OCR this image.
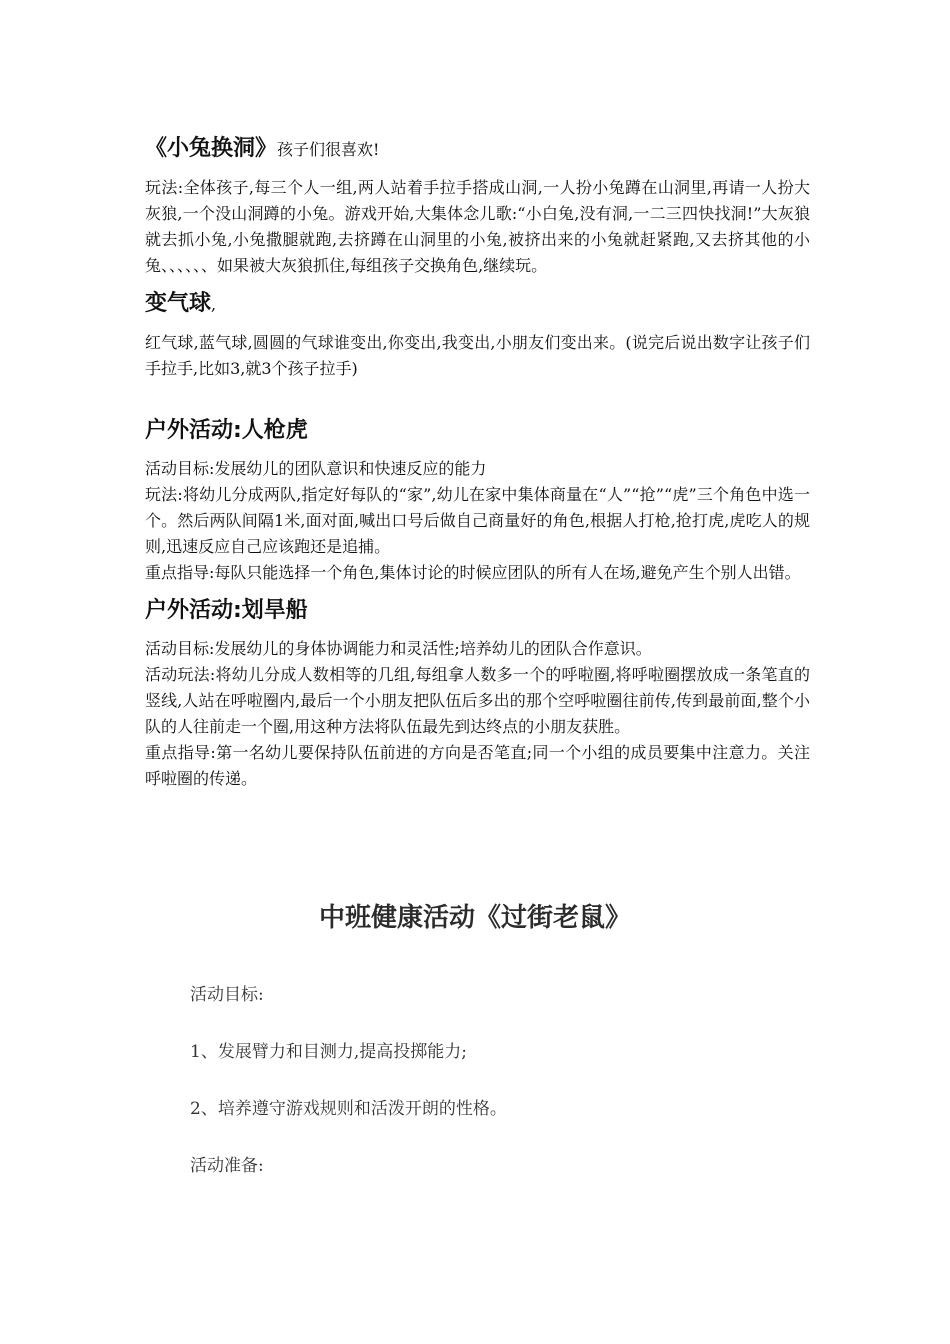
《小兔换洞》孩子们很喜欢!

玩法:全体孩子,每三个人一组,两人站着手拉手搭成山洞,一人扮小兔蹲在山洞里,再请一人扮大灰狼,一个没山洞蹲的小兔。游戏开始,大集体念儿歌:“小白兔,没有洞,一二三四快找洞!”大灰狼就去抓小兔,小兔撒腿就跑,去挤蹲在山洞里的小兔,被挤出来的小兔就赶紧跑,又去挤其他的小兔、、、、、、如果被大灰狼抓住,每组孩子交换角色,继续玩。

变气球,

红气球,蓝气球,圆圆的气球谁变出,你变出,我变出,小朋友们变出来。(说完后说出数字让孩子们手拉手,比如3,就3个孩子拉手)

户外活动:人枪虎

活动目标:发展幼儿的团队意识和快速反应的能力

玩法:将幼儿分成两队,指定好每队的“家”,幼儿在家中集体商量在“人”“抢”“虎”三个角色中选一个。然后两队间隔1米,面对面,喊出口号后做自己商量好的角色,根据人打枪,抢打虎,虎吃人的规则,迅速反应自己应该跑还是追捕。

重点指导:每队只能选择一个角色,集体讨论的时候应团队的所有人在场,避免产生个别人出错。

户外活动:划旱船

活动目标:发展幼儿的身体协调能力和灵活性;培养幼儿的团队合作意识。

活动玩法:将幼儿分成人数相等的几组,每组拿人数多一个的呼啦圈,将呼啦圈摆放成一条笔直的竖线,人站在呼啦圈内,最后一个小朋友把队伍后多出的那个空呼啦圈往前传,传到最前面,整个小队的人往前走一个圈,用这种方法将队伍最先到达终点的小朋友获胜。

重点指导:第一名幼儿要保持队伍前进的方向是否笔直;同一个小组的成员要集中注意力。关注呼啦圈的传递。

中班健康活动《过街老鼠》

活动目标:

1、发展臂力和目测力,提高投掷能力;

2、培养遵守游戏规则和活泼开朗的性格。

活动准备:
